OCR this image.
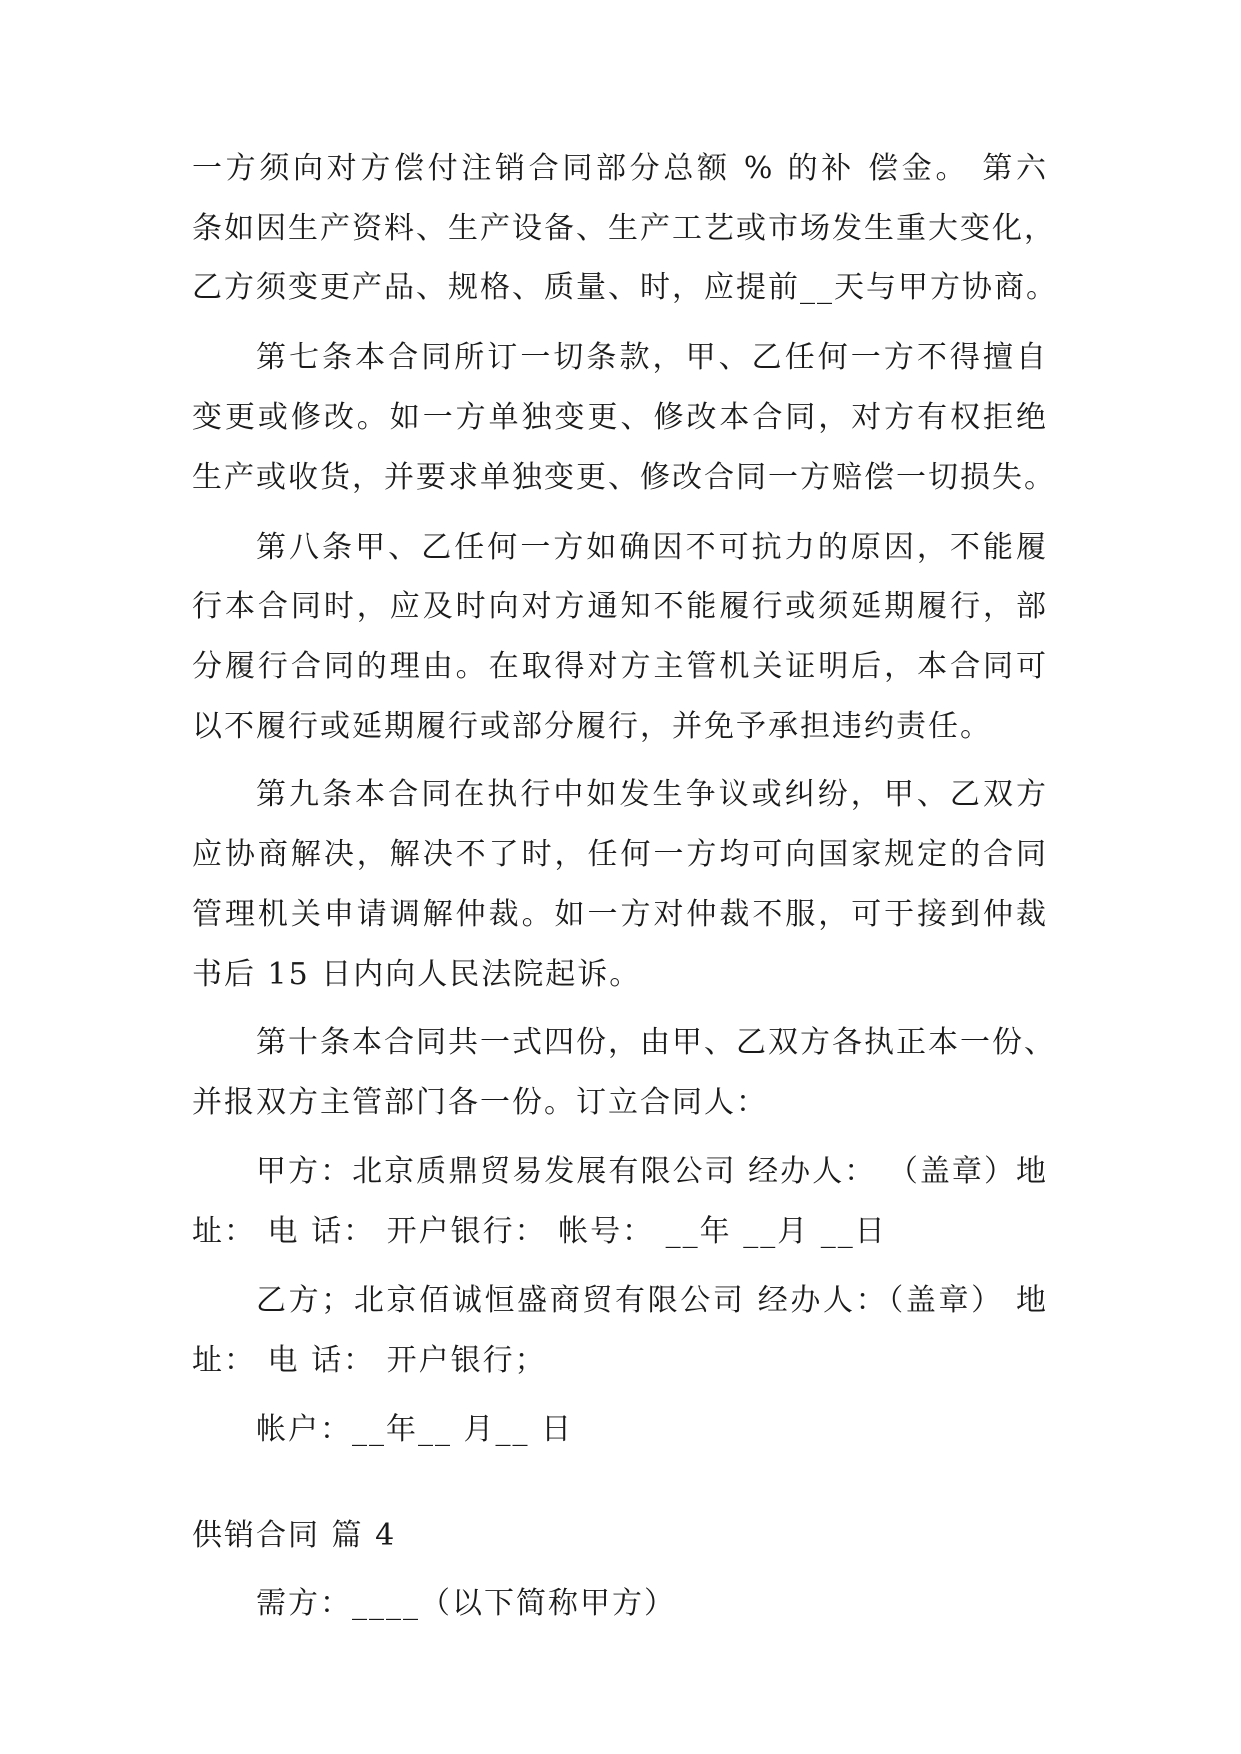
一方须向对方偿付注销合同部分总额 % 的补 偿金。 第六
条如因生产资料、生产设备、生产工艺或市场发生重大变化，
乙方须变更产品、规格、质量、时，应提前__天与甲方协商。
第七条本合同所订一切条款，甲、乙任何一方不得擅自
变更或修改。如一方单独变更、修改本合同，对方有权拒绝
生产或收货，并要求单独变更、修改合同一方赔偿一切损失。
第八条甲、乙任何一方如确因不可抗力的原因，不能履
行本合同时，应及时向对方通知不能履行或须延期履行，部
分履行合同的理由。在取得对方主管机关证明后，本合同可
以不履行或延期履行或部分履行，并免予承担违约责任。
第九条本合同在执行中如发生争议或纠纷，甲、乙双方
应协商解决，解决不了时，任何一方均可向国家规定的合同
管理机关申请调解仲裁。如一方对仲裁不服，可于接到仲裁
书后 15 日内向人民法院起诉。
第十条本合同共一式四份，由甲、乙双方各执正本一份、
并报双方主管部门各一份。订立合同人：
甲方：北京质鼎贸易发展有限公司 经办人： （盖章）地
址： 电 话： 开户银行： 帐号： __年 __月 __日
乙方；北京佰诚恒盛商贸有限公司 经办人：（盖章） 地
址： 电 话： 开户银行；
帐户：__年__ 月__ 日
供销合同 篇 4
需方：____（以下简称甲方）
